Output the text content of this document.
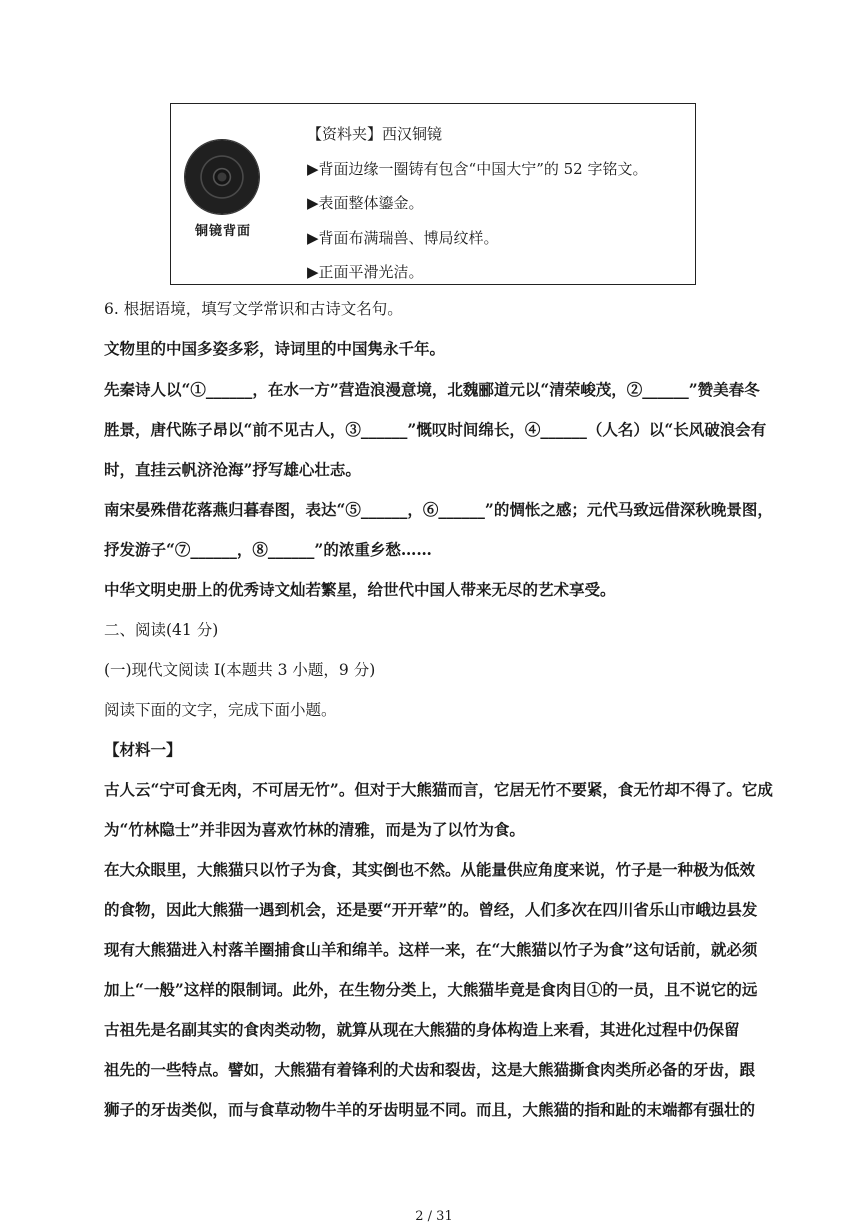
铜镜背面
【资料夹】西汉铜镜
▶背面边缘一圈铸有包含“中国大宁”的 52 字铭文。
▶表面整体鎏金。
▶背面布满瑞兽、博局纹样。
▶正面平滑光洁。
6. 根据语境，填写文学常识和古诗文名句。
文物里的中国多姿多彩，诗词里的中国隽永千年。
先秦诗人以“①______，在水一方”营造浪漫意境，北魏郦道元以“清荣峻茂，②______”赞美春冬
胜景，唐代陈子昂以“前不见古人，③______”慨叹时间绵长，④______（人名）以“长风破浪会有
时，直挂云帆济沧海”抒写雄心壮志。
南宋晏殊借花落燕归暮春图，表达“⑤______，⑥______”的惆怅之感；元代马致远借深秋晚景图，
抒发游子“⑦______，⑧______”的浓重乡愁……
中华文明史册上的优秀诗文灿若繁星，给世代中国人带来无尽的艺术享受。
二、阅读(41 分)
(一)现代文阅读 I(本题共 3 小题，9 分)
阅读下面的文字，完成下面小题。
【材料一】
古人云“宁可食无肉，不可居无竹”。但对于大熊猫而言，它居无竹不要紧，食无竹却不得了。它成
为“竹林隐士”并非因为喜欢竹林的清雅，而是为了以竹为食。
在大众眼里，大熊猫只以竹子为食，其实倒也不然。从能量供应角度来说，竹子是一种极为低效
的食物，因此大熊猫一遇到机会，还是要“开开荤”的。曾经，人们多次在四川省乐山市峨边县发
现有大熊猫进入村落羊圈捕食山羊和绵羊。这样一来，在“大熊猫以竹子为食”这句话前，就必须
加上“一般”这样的限制词。此外，在生物分类上，大熊猫毕竟是食肉目①的一员，且不说它的远
古祖先是名副其实的食肉类动物，就算从现在大熊猫的身体构造上来看，其进化过程中仍保留
祖先的一些特点。譬如，大熊猫有着锋利的犬齿和裂齿，这是大熊猫撕食肉类所必备的牙齿，跟
狮子的牙齿类似，而与食草动物牛羊的牙齿明显不同。而且，大熊猫的指和趾的末端都有强壮的
2 / 31
